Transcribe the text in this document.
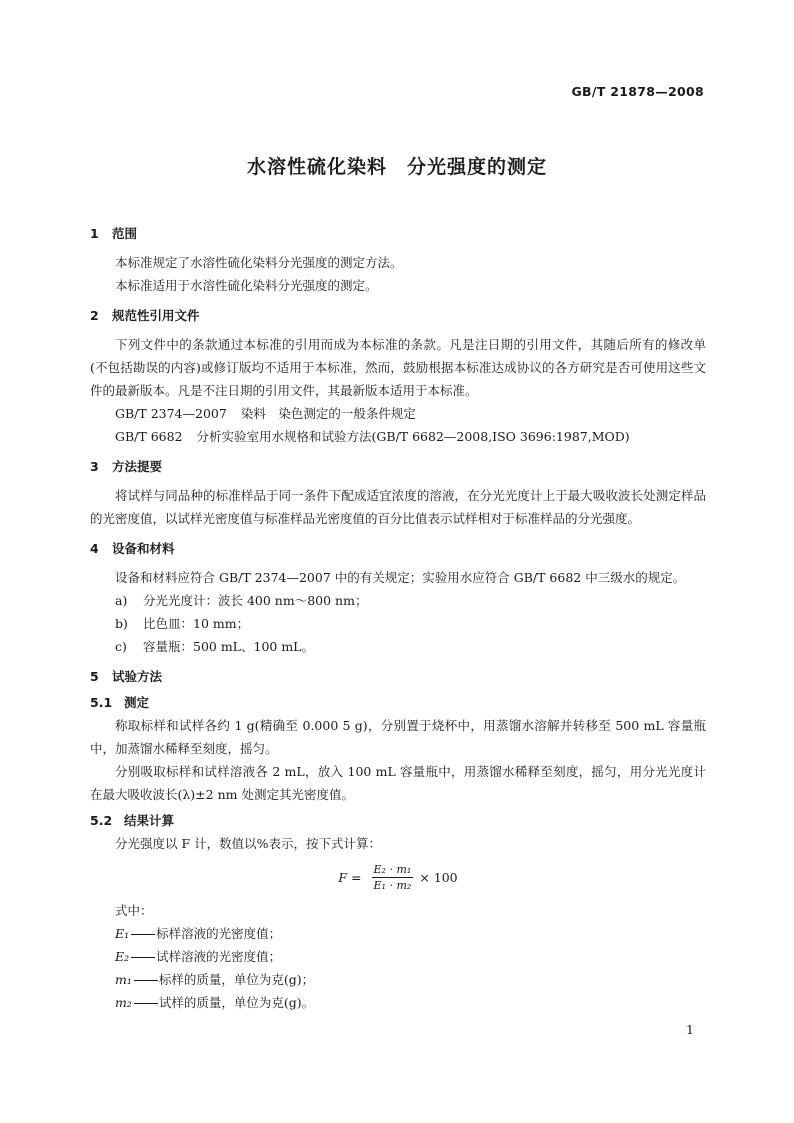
GB/T 21878—2008
水溶性硫化染料　分光强度的测定
1 范围

本标准规定了水溶性硫化染料分光强度的测定方法。

本标准适用于水溶性硫化染料分光强度的测定。

2 规范性引用文件

下列文件中的条款通过本标准的引用而成为本标准的条款。凡是注日期的引用文件，其随后所有的修改单(不包括勘误的内容)或修订版均不适用于本标准，然而，鼓励根据本标准达成协议的各方研究是否可使用这些文件的最新版本。凡是不注日期的引用文件，其最新版本适用于本标准。

GB/T 2374—2007 染料　染色测定的一般条件规定
GB/T 6682 分析实验室用水规格和试验方法(GB/T 6682—2008,ISO 3696:1987,MOD)
3 方法提要

将试样与同品种的标准样品于同一条件下配成适宜浓度的溶液，在分光光度计上于最大吸收波长处测定样品的光密度值，以试样光密度值与标准样品光密度值的百分比值表示试样相对于标准样品的分光强度。

4 设备和材料

设备和材料应符合 GB/T 2374—2007 中的有关规定；实验用水应符合 GB/T 6682 中三级水的规定。

a) 分光光度计：波长 400 nm～800 nm；
b) 比色皿：10 mm；
c) 容量瓶：500 mL、100 mL。
5 试验方法
5.1 测定

称取标样和试样各约 1 g(精确至 0.000 5 g)，分别置于烧杯中，用蒸馏水溶解并转移至 500 mL 容量瓶中，加蒸馏水稀释至刻度，摇匀。

分别吸取标样和试样溶液各 2 mL，放入 100 mL 容量瓶中，用蒸馏水稀释至刻度，摇匀，用分光光度计在最大吸收波长(λ)±2 nm 处测定其光密度值。

5.2 结果计算

分光强度以 F 计，数值以%表示，按下式计算：

$F = \frac{\text{E₂ · m₁}}{\text{E₁ · m₂}} \times 100$
式中：
E₁ 标样溶液的光密度值；
E₂ 试样溶液的光密度值；
m₁ 标样的质量，单位为克(g)；
m₂ 试样的质量，单位为克(g)。
1
